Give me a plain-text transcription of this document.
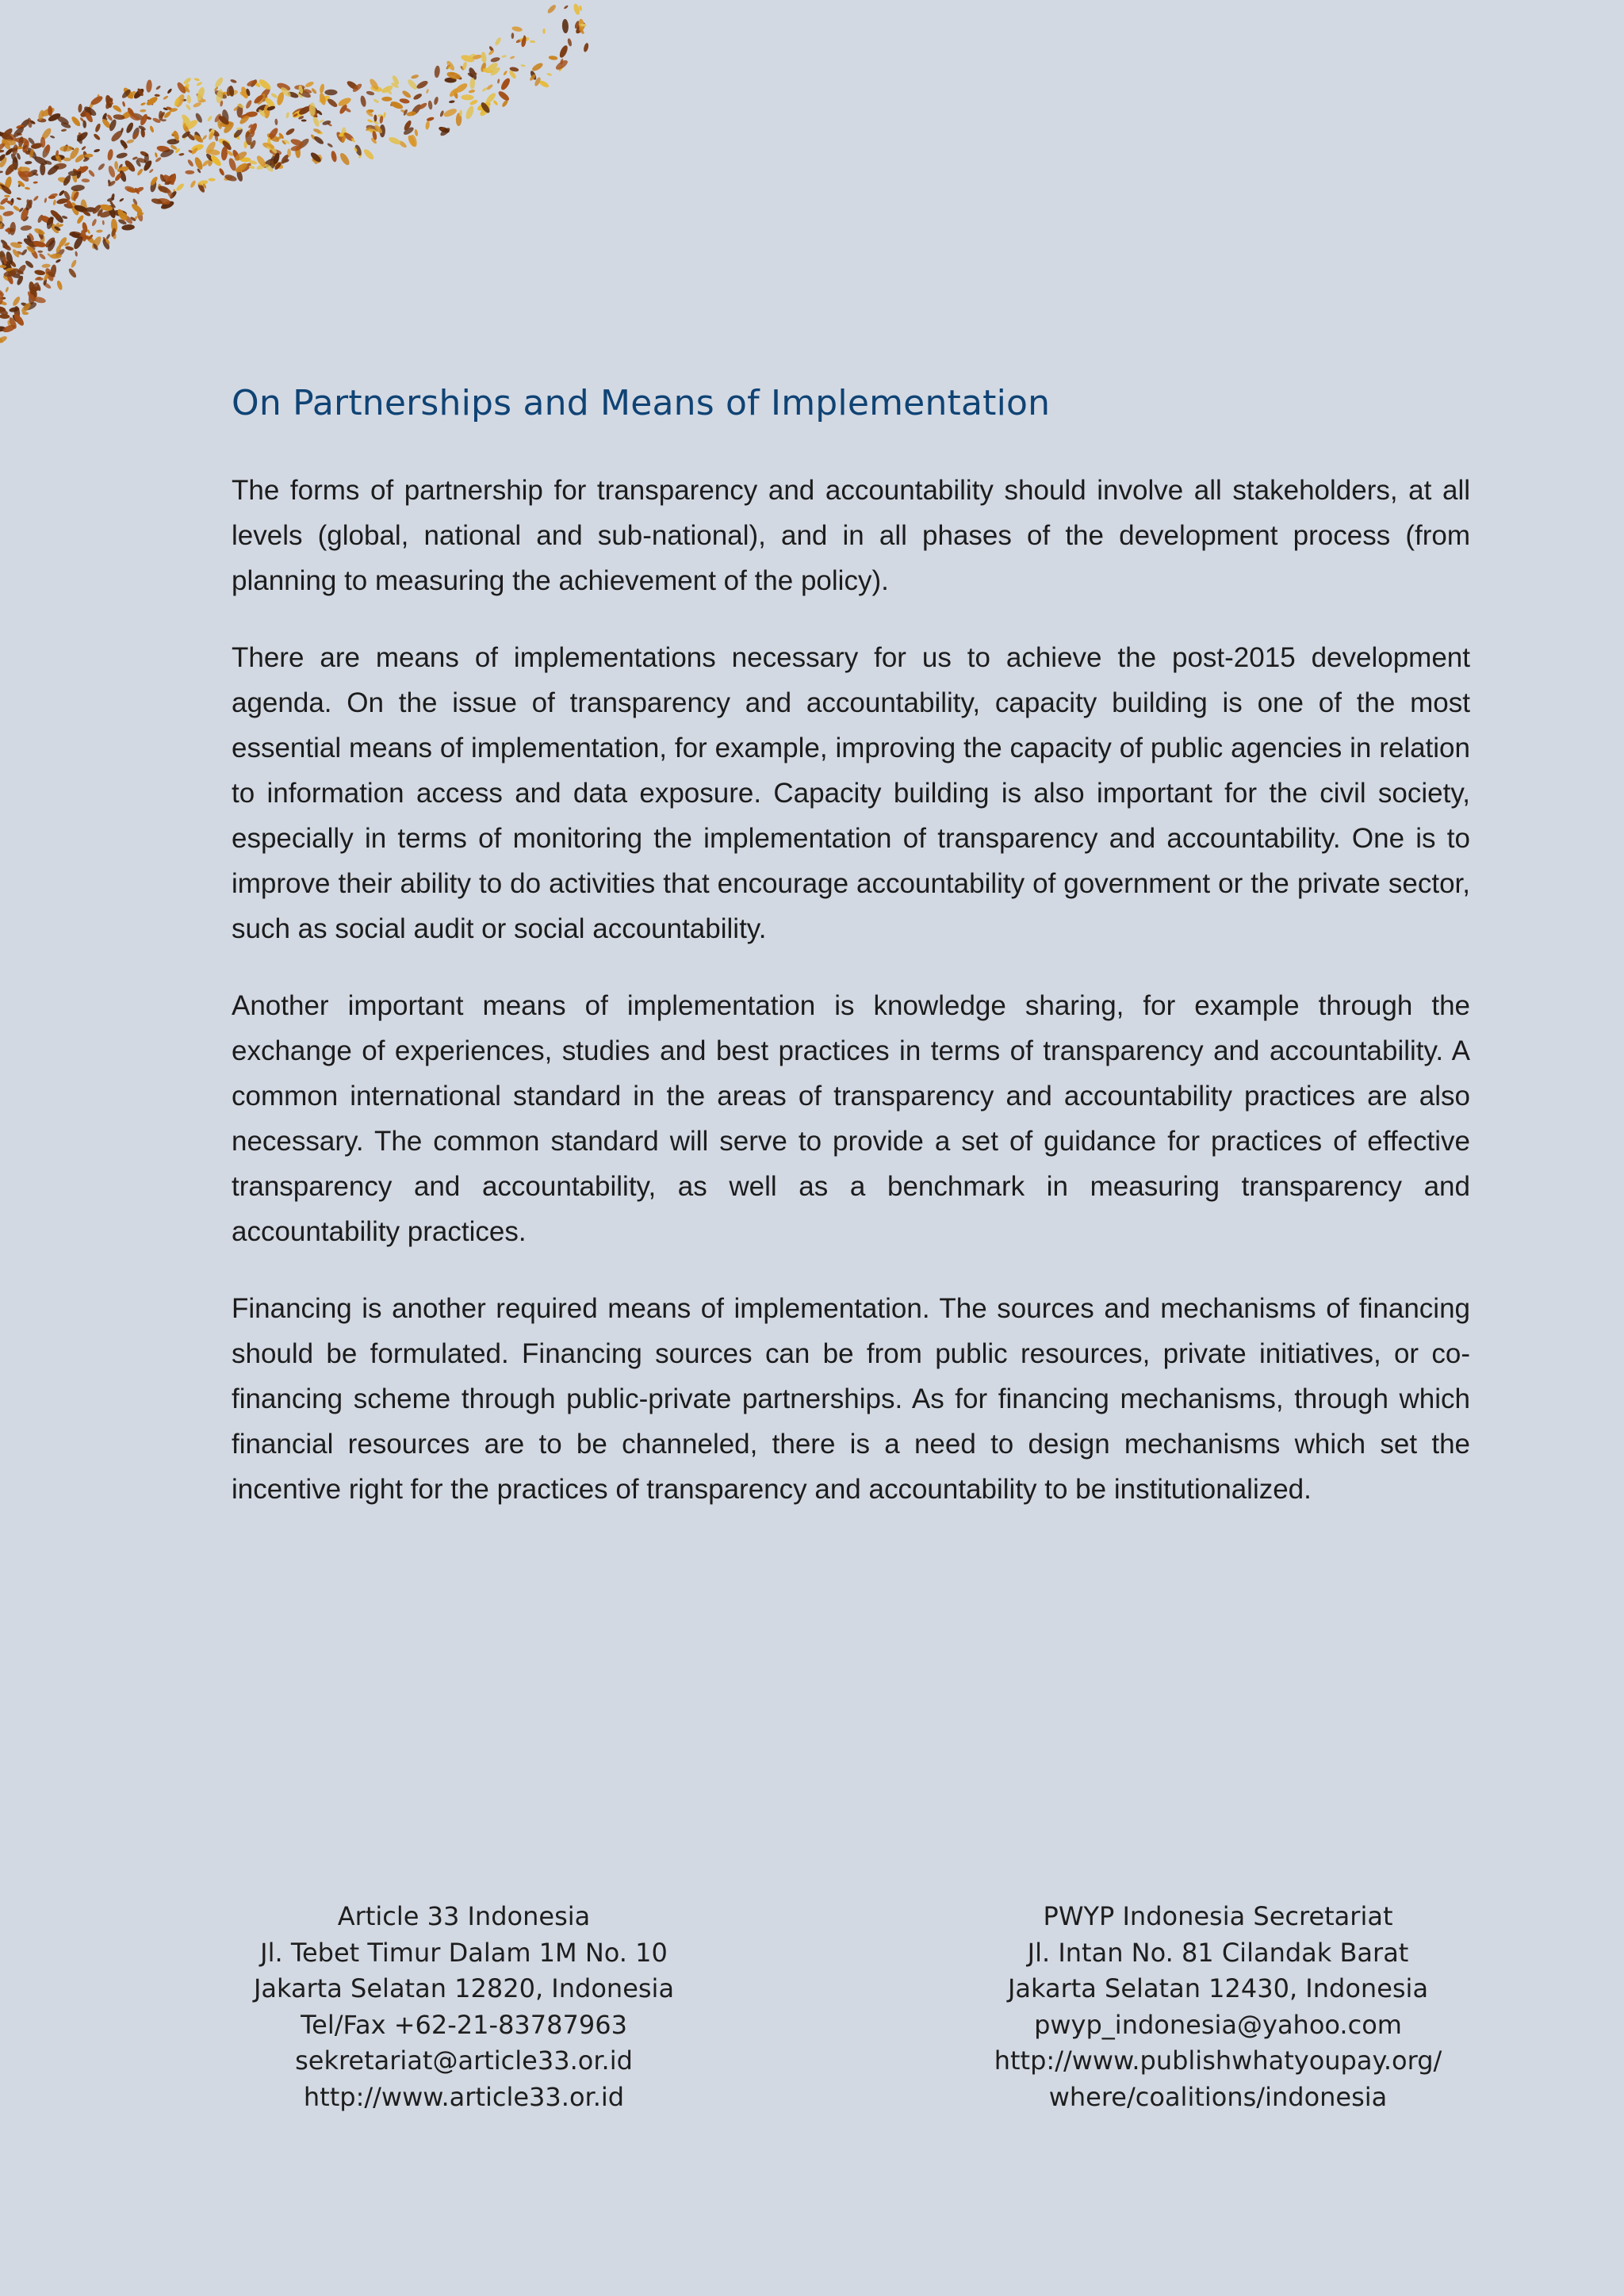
On Partnerships and Means of Implementation

The forms of partnership for transparency and accountability should involve all stakeholders, at all levels (global, national and sub-national), and in all phases of the development process (from planning to measuring the achievement of the policy).

There are means of implementations necessary for us to achieve the post-2015 development agenda. On the issue of transparency and accountability, capacity building is one of the most essential means of implementation, for example, improving the capacity of public agencies in relation to information access and data exposure. Capacity building is also important for the civil society, especially in terms of monitoring the implementation of transparency and accountability. One is to improve their ability to do activities that encourage accountability of government or the private sector, such as social audit or social accountability.

Another important means of implementation is knowledge sharing, for example through the exchange of experiences, studies and best practices in terms of transparency and accountability. A common international standard in the areas of transparency and accountability practices are also necessary. The common standard will serve to provide a set of guidance for practices of effective transparency and accountability, as well as a benchmark in measuring transparency and accountability practices.

Financing is another required means of implementation. The sources and mechanisms of financing should be formulated. Financing sources can be from public resources, private initiatives, or co-financing scheme through public-private partnerships. As for financing mechanisms, through which financial resources are to be channeled, there is a need to design mechanisms which set the incentive right for the practices of transparency and accountability to be institutionalized.

Article 33 Indonesia
Jl. Tebet Timur Dalam 1M No. 10
Jakarta Selatan 12820, Indonesia
Tel/Fax +62-21-83787963
sekretariat@article33.or.id
http://www.article33.or.id
PWYP Indonesia Secretariat
Jl. Intan No. 81 Cilandak Barat
Jakarta Selatan 12430, Indonesia
pwyp_indonesia@yahoo.com
http://www.publishwhatyoupay.org/
where/coalitions/indonesia
